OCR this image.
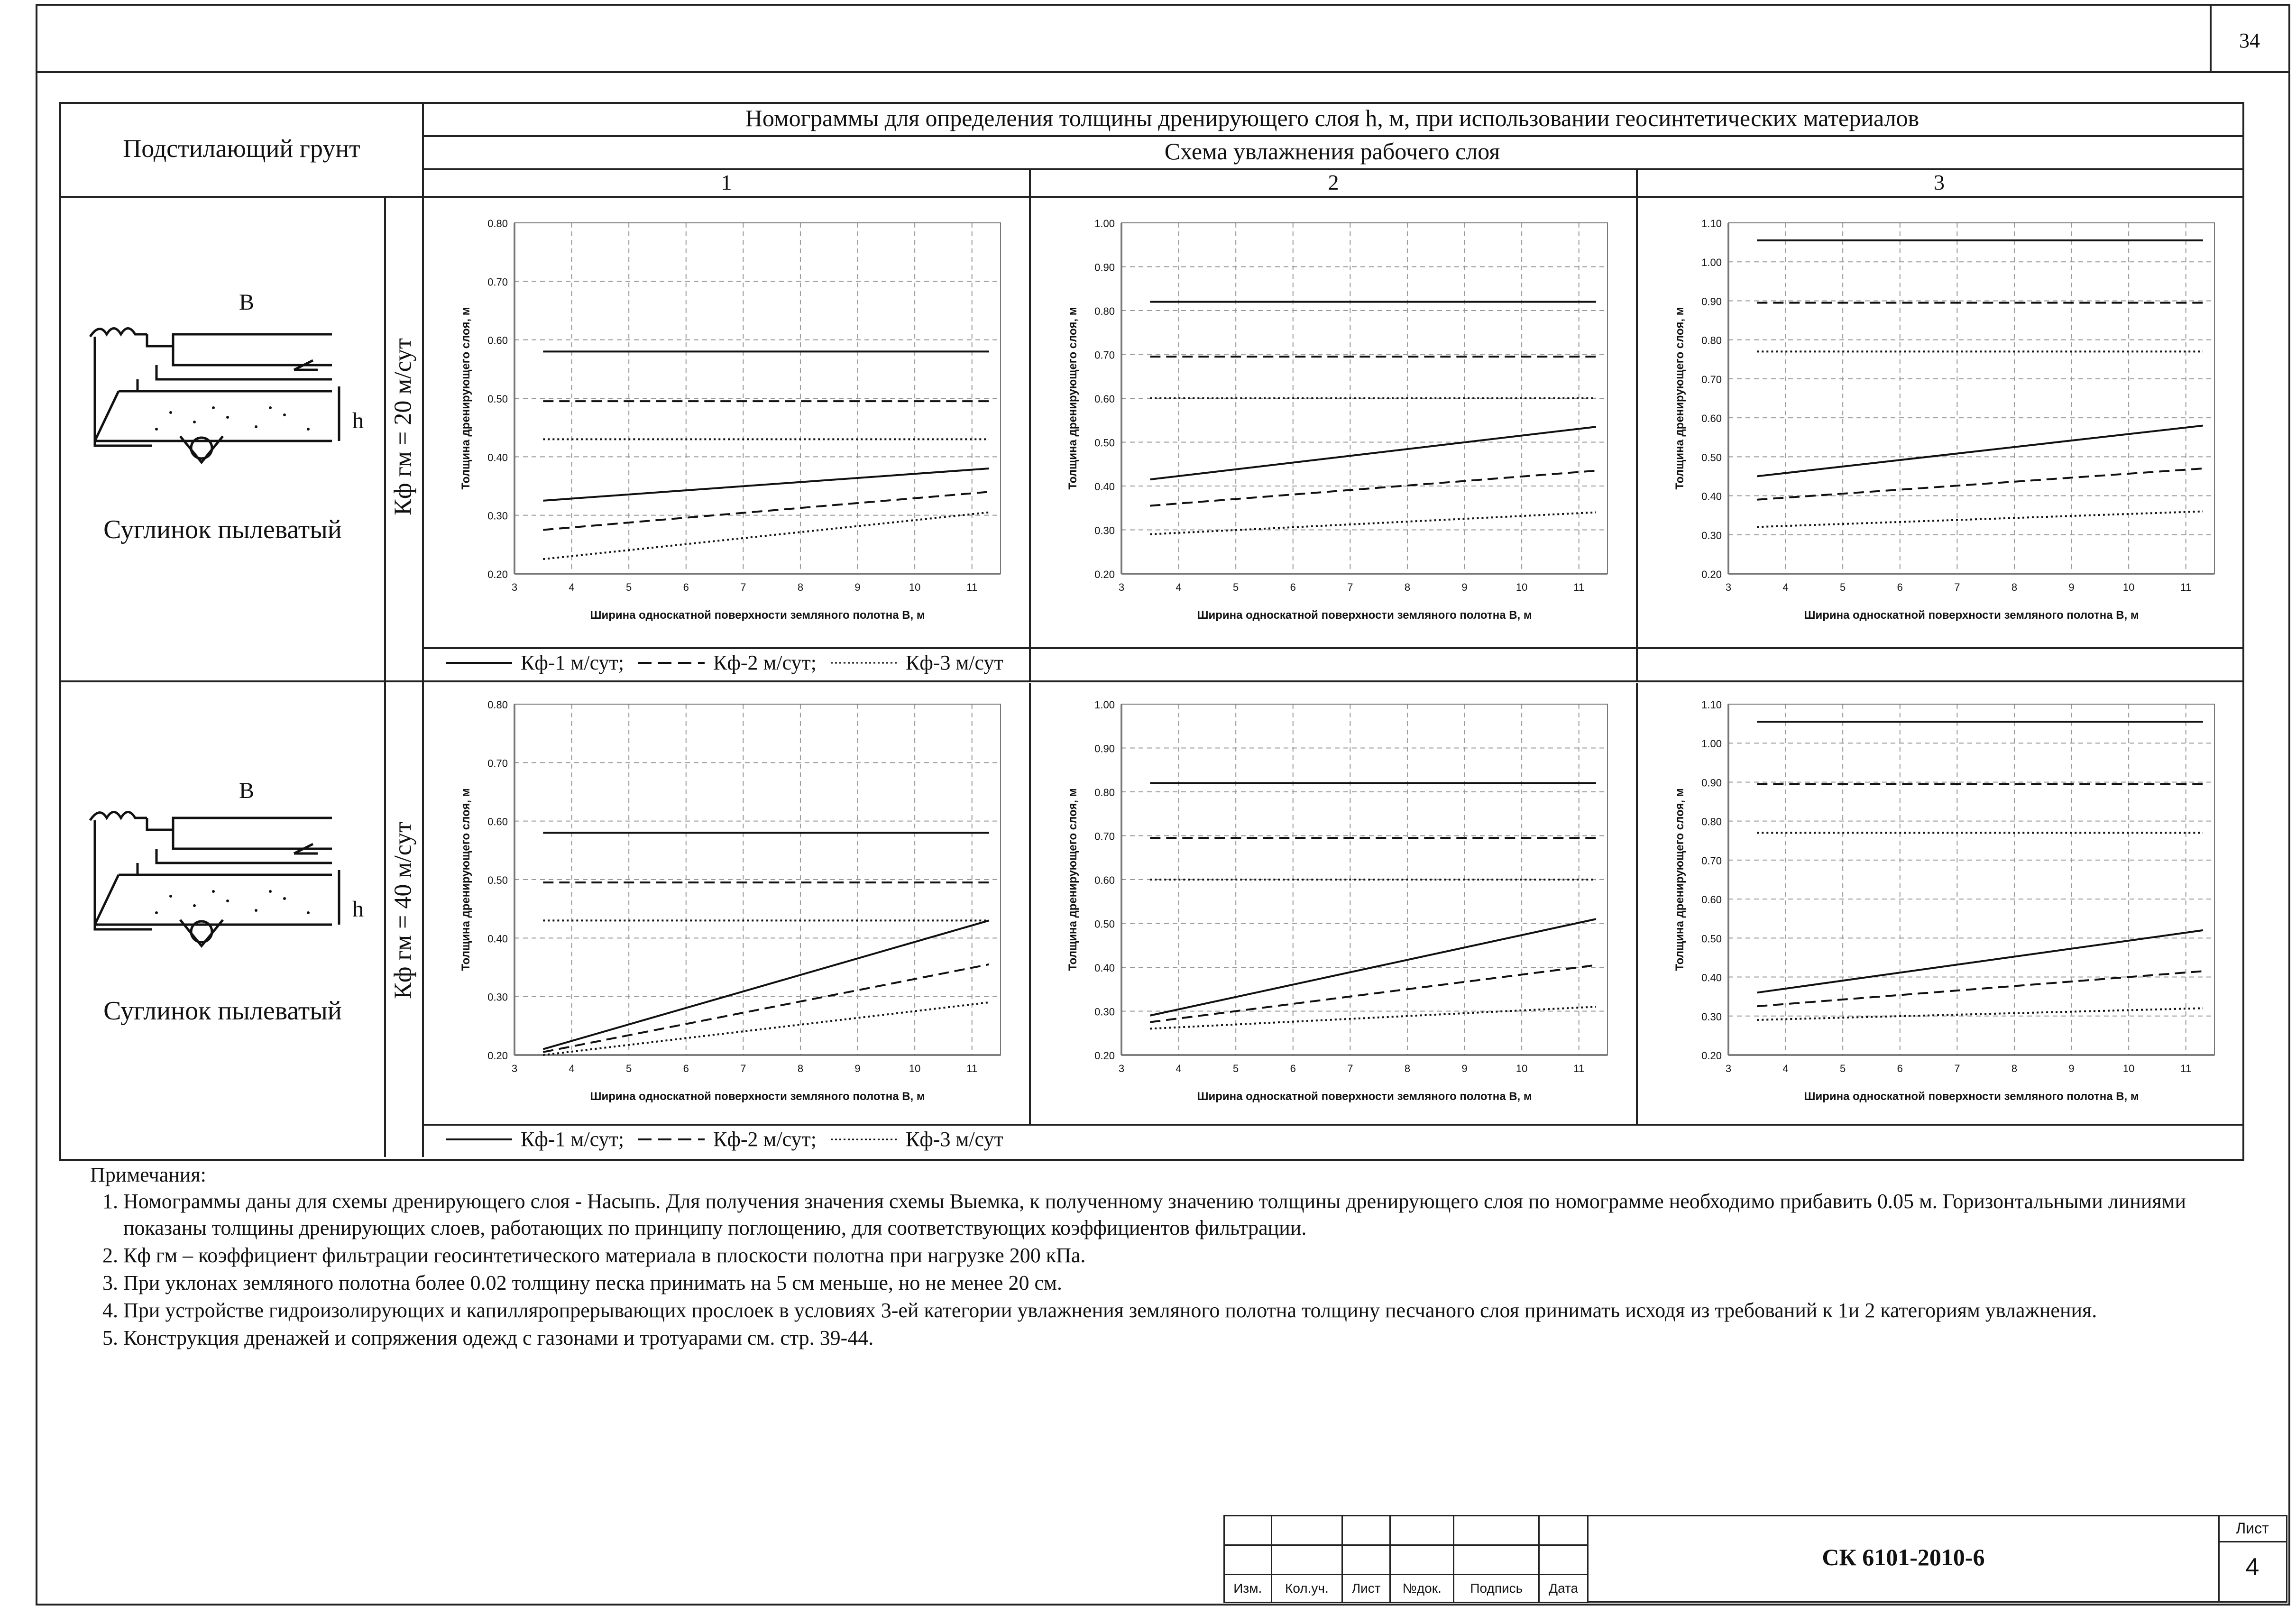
34
Подстилающий грунт
Номограммы для определения толщины дренирующего слоя h, м, при использовании геосинтетических материалов
Схема увлажнения рабочего слоя
1	2	3
B
h
Суглинок пылеватый
Кф гм = 20 м/сут
B
h
Суглинок пылеватый
Кф гм = 40 м/сут
0.20
0.30
0.40
0.50
0.60
0.70
0.80
3	4	5	6	7	8	9	10	11
Ширина односкатной поверхности земляного полотна B, м
Толщина дренирующего слоя, м
0.20
0.30
0.40
0.50
0.60
0.70
0.80
0.90
1.00
3	4	5	6	7	8	9	10	11
Ширина односкатной поверхности земляного полотна B, м
Толщина дренирующего слоя, м
0.20
0.30
0.40
0.50
0.60
0.70
0.80
0.90
1.00
1.10
3	4	5	6	7	8	9	10	11
Ширина односкатной поверхности земляного полотна B, м
Толщина дренирующего слоя, м
0.20
0.30
0.40
0.50
0.60
0.70
0.80
3	4	5	6	7	8	9	10	11
Ширина односкатной поверхности земляного полотна B, м
Толщина дренирующего слоя, м
0.20
0.30
0.40
0.50
0.60
0.70
0.80
0.90
1.00
3	4	5	6	7	8	9	10	11
Ширина односкатной поверхности земляного полотна B, м
Толщина дренирующего слоя, м
0.20
0.30
0.40
0.50
0.60
0.70
0.80
0.90
1.00
1.10
3	4	5	6	7	8	9	10	11
Ширина односкатной поверхности земляного полотна B, м
Толщина дренирующего слоя, м
Кф-1 м/сут;	Кф-2 м/сут;	Кф-3 м/сут
Кф-1 м/сут;	Кф-2 м/сут;	Кф-3 м/сут
Примечания:
1. Номограммы даны для схемы дренирующего слоя - Насыпь. Для получения значения схемы Выемка, к полученному значению толщины дренирующего слоя по номограмме необходимо прибавить 0.05 м. Горизонтальными линиями показаны толщины дренирующих слоев, работающих по принципу поглощению, для соответствующих коэффициентов фильтрации.
2. Кф гм – коэффициент фильтрации геосинтетического материала в плоскости полотна при нагрузке 200 кПа.
3. При уклонах земляного полотна более 0.02 толщину песка принимать на 5 см меньше, но не менее 20 см.
4. При устройстве гидроизолирующих и капилляропрерывающих прослоек в условиях 3-ей категории увлажнения земляного полотна толщину песчаного слоя принимать исходя из требований к 1и 2 категориям увлажнения.
5. Конструкция дренажей и сопряжения одежд с газонами и тротуарами см. стр. 39-44.

Изм.	Кол.уч.	Лист	№док.	Подпись	Дата
СК 6101-2010-6
Лист
4
